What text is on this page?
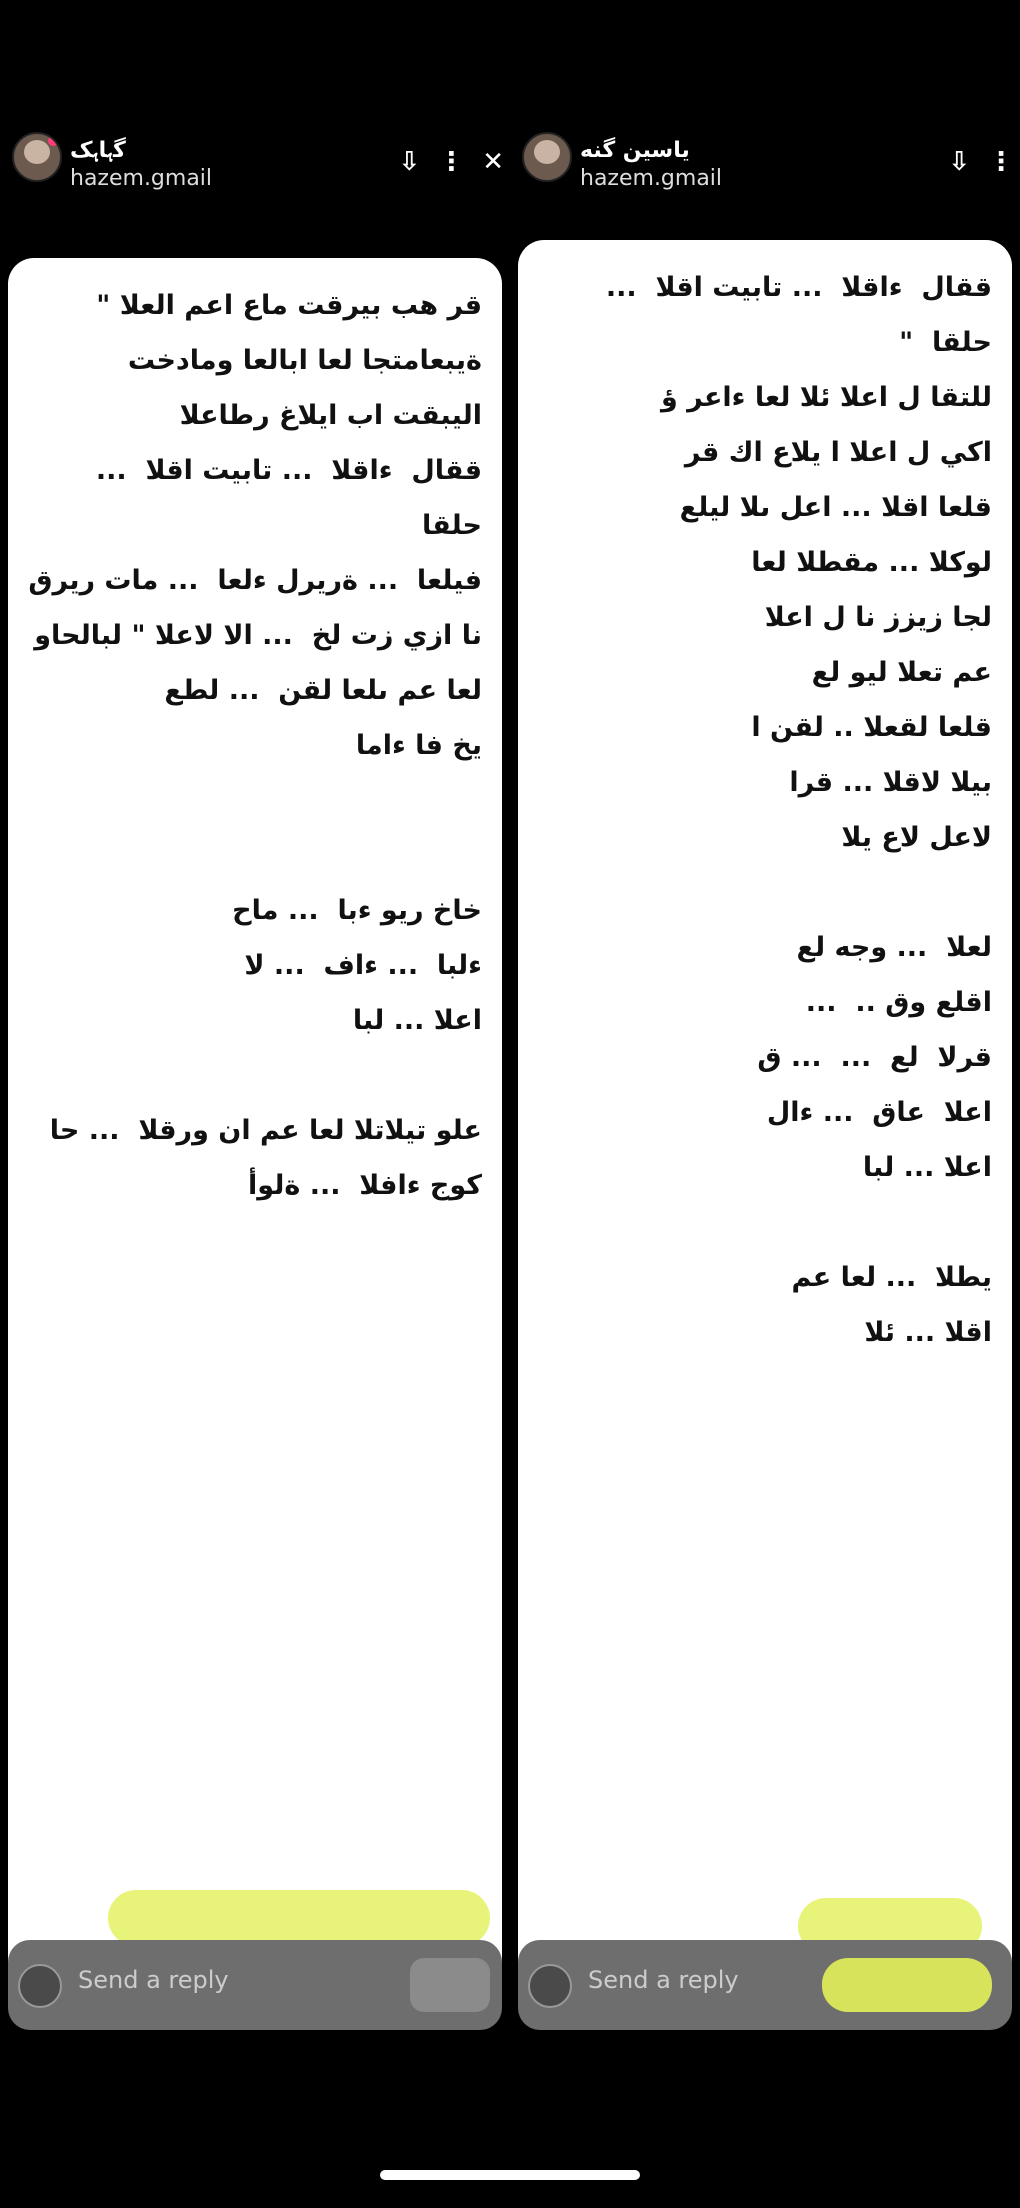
ﮔﮨﺎﮨﮏ
hazem.gmail
⇩ ⋮ ✕
قر هب بيرقت ماع اعم العلا "
ةيبعامتجا لعا ابالعا ومادخت
اليبقت اب ايلاغ رطاعلا
ققال  ءاقلا  ... تابيت اقلا  ... حلقا
فيلعا  ... ةريرل ءلعا  ... مات ريرق
نا ازي زت لخ  ... الا لاعلا " لبالحاو
لعا عم ىلعا لقن  ... لطع
يخ فا ءاما

خاخ ريو ءبا  ... ماح
ءلبا  ... ءاف  ... لا
اعلا ... لبا

علو تيلاتلا لعا عم ان ورقلا  ... حا
كوج ءافلا  ... ةلوأ
Send a reply
ﯾﺎﺳﯿﻦ ﮔﻨﻪ
hazem.gmail
⇩ ⋮
ققال  ءاقلا  ... تابيت اقلا  ... حلقا  "
للتقا ل اعلا ئلا لعا ءاعر ؤ
اكي ل اعلا ا يلاع اك قر
قلعا اقلا ... اعل ىلا ليلع
لوكلا ... مقطلا لعا
لجا زيزز نا ل اعلا
عم تعلا ليو لع
قلعا لقعلا .. لقن ا
بيلا لاقلا ... قرا
لاعل لاع يلا

لعلا  ... وجه لع
اقلع وق ..  ...
قرلا  لع  ...  ... ق
اعلا  عاق  ... ءال
اعلا ... لبا

يطلا  ... لعا عم
اقلا ... ئلا
Send a reply
